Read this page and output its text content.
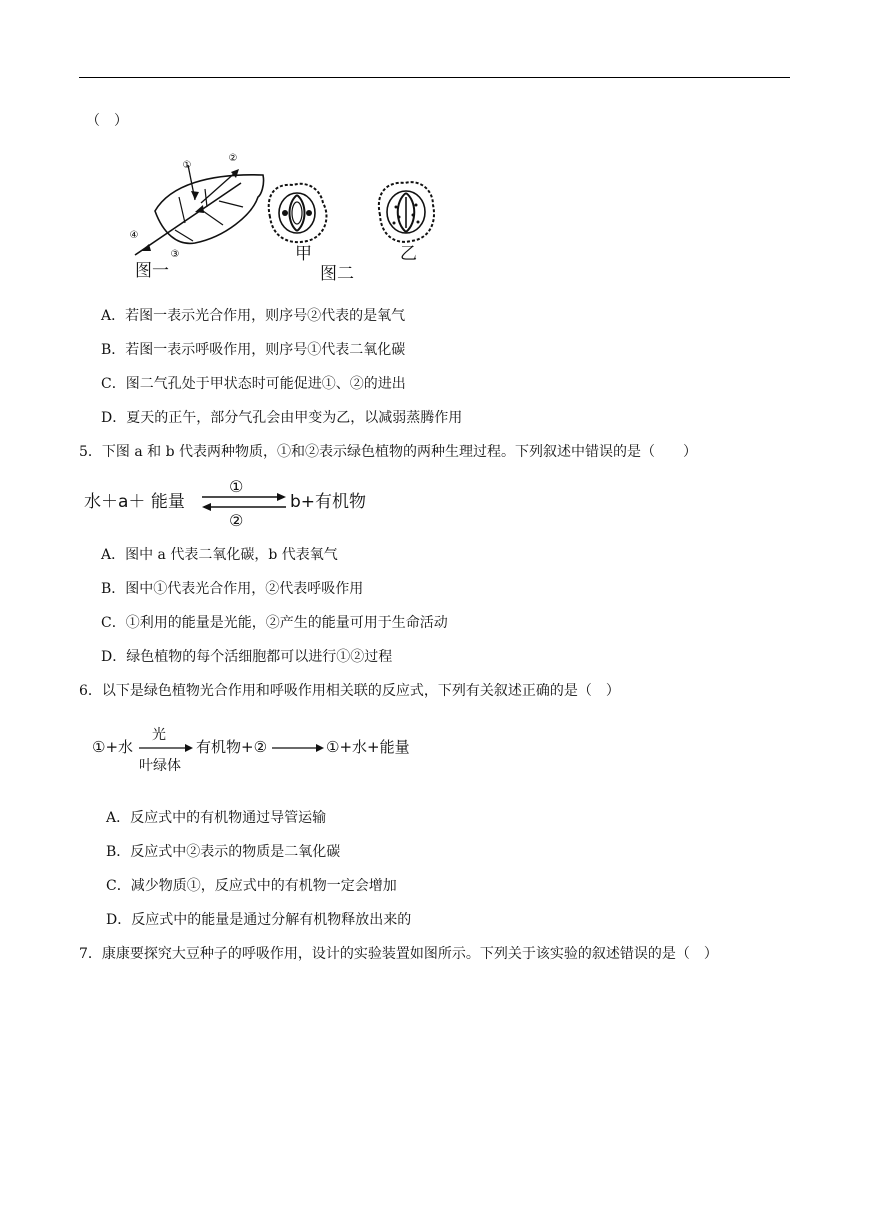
（　）
①
②
③
④
图一
甲
图二
乙
A．若图一表示光合作用，则序号②代表的是氧气
B．若图一表示呼吸作用，则序号①代表二氧化碳
C．图二气孔处于甲状态时可能促进①、②的进出
D．夏天的正午，部分气孔会由甲变为乙，以减弱蒸腾作用
5．下图 a 和 b 代表两种物质，①和②表示绿色植物的两种生理过程。下列叙述中错误的是（　　）
水＋a＋ 能量
①
②
b+有机物
A．图中 a 代表二氧化碳，b 代表氧气
B．图中①代表光合作用，②代表呼吸作用
C．①利用的能量是光能，②产生的能量可用于生命活动
D．绿色植物的每个活细胞都可以进行①②过程
6．以下是绿色植物光合作用和呼吸作用相关联的反应式，下列有关叙述正确的是（　）
①+水
光
叶绿体
有机物+②	①+水+能量
A．反应式中的有机物通过导管运输
B．反应式中②表示的物质是二氧化碳
C．减少物质①，反应式中的有机物一定会增加
D．反应式中的能量是通过分解有机物释放出来的
7．康康要探究大豆种子的呼吸作用，设计的实验装置如图所示。下列关于该实验的叙述错误的是（　）
